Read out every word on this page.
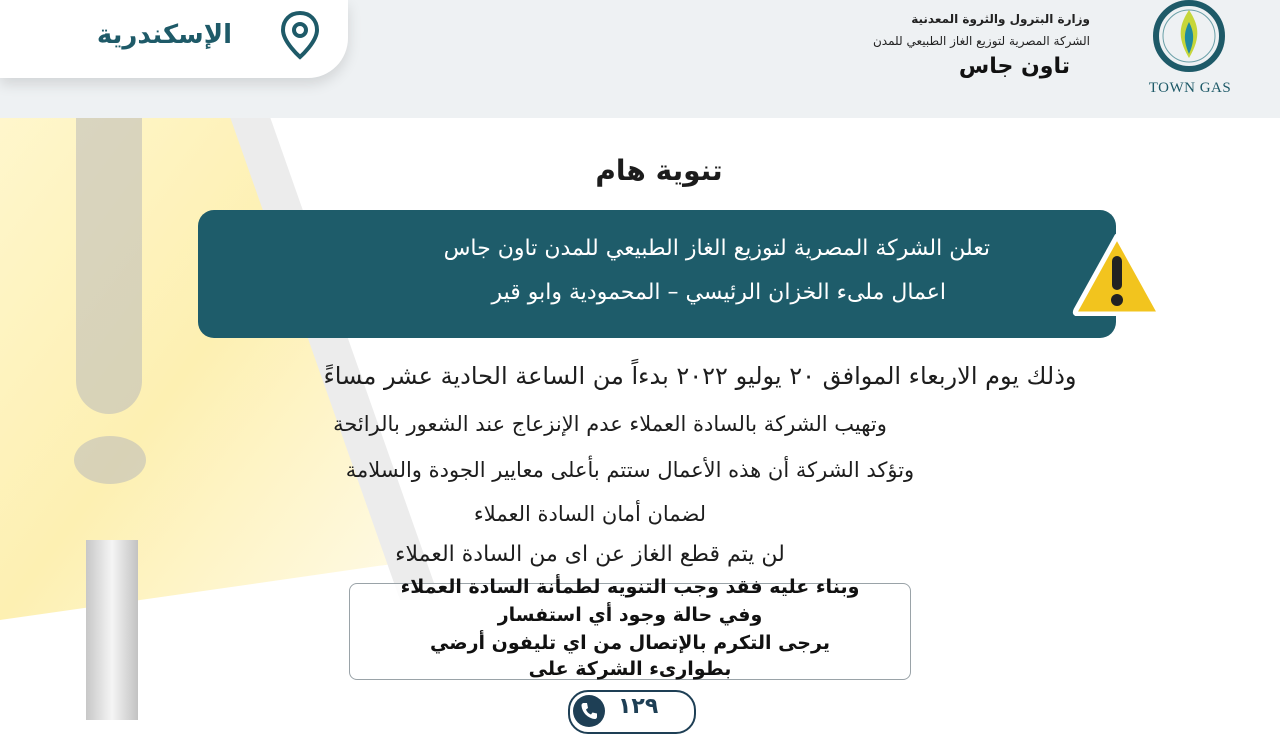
الإسكندرية
وزارة البترول والثروة المعدنية
الشركة المصرية لتوزيع الغاز الطبيعي للمدن
تاون جاس
TOWN GAS
تنوية هام
تعلن الشركة المصرية لتوزيع الغاز الطبيعي للمدن تاون جاس
اعمال ملىء الخزان الرئيسي – المحمودية وابو قير
وذلك يوم الاربعاء الموافق ٢٠ يوليو ٢٠٢٢ بدءاً من الساعة الحادية عشر مساءً
وتهيب الشركة بالسادة العملاء عدم الإنزعاج عند الشعور بالرائحة
وتؤكد الشركة أن هذه الأعمال ستتم بأعلى معايير الجودة والسلامة
لضمان أمان السادة العملاء
لن يتم قطع الغاز عن اى من السادة العملاء
وبناء عليه فقد وجب التنويه لطمأنة السادة العملاء
وفي حالة وجود أي استفسار
يرجى التكرم بالإتصال من اي تليفون أرضي
بطوارىء الشركة على
١٢٩
